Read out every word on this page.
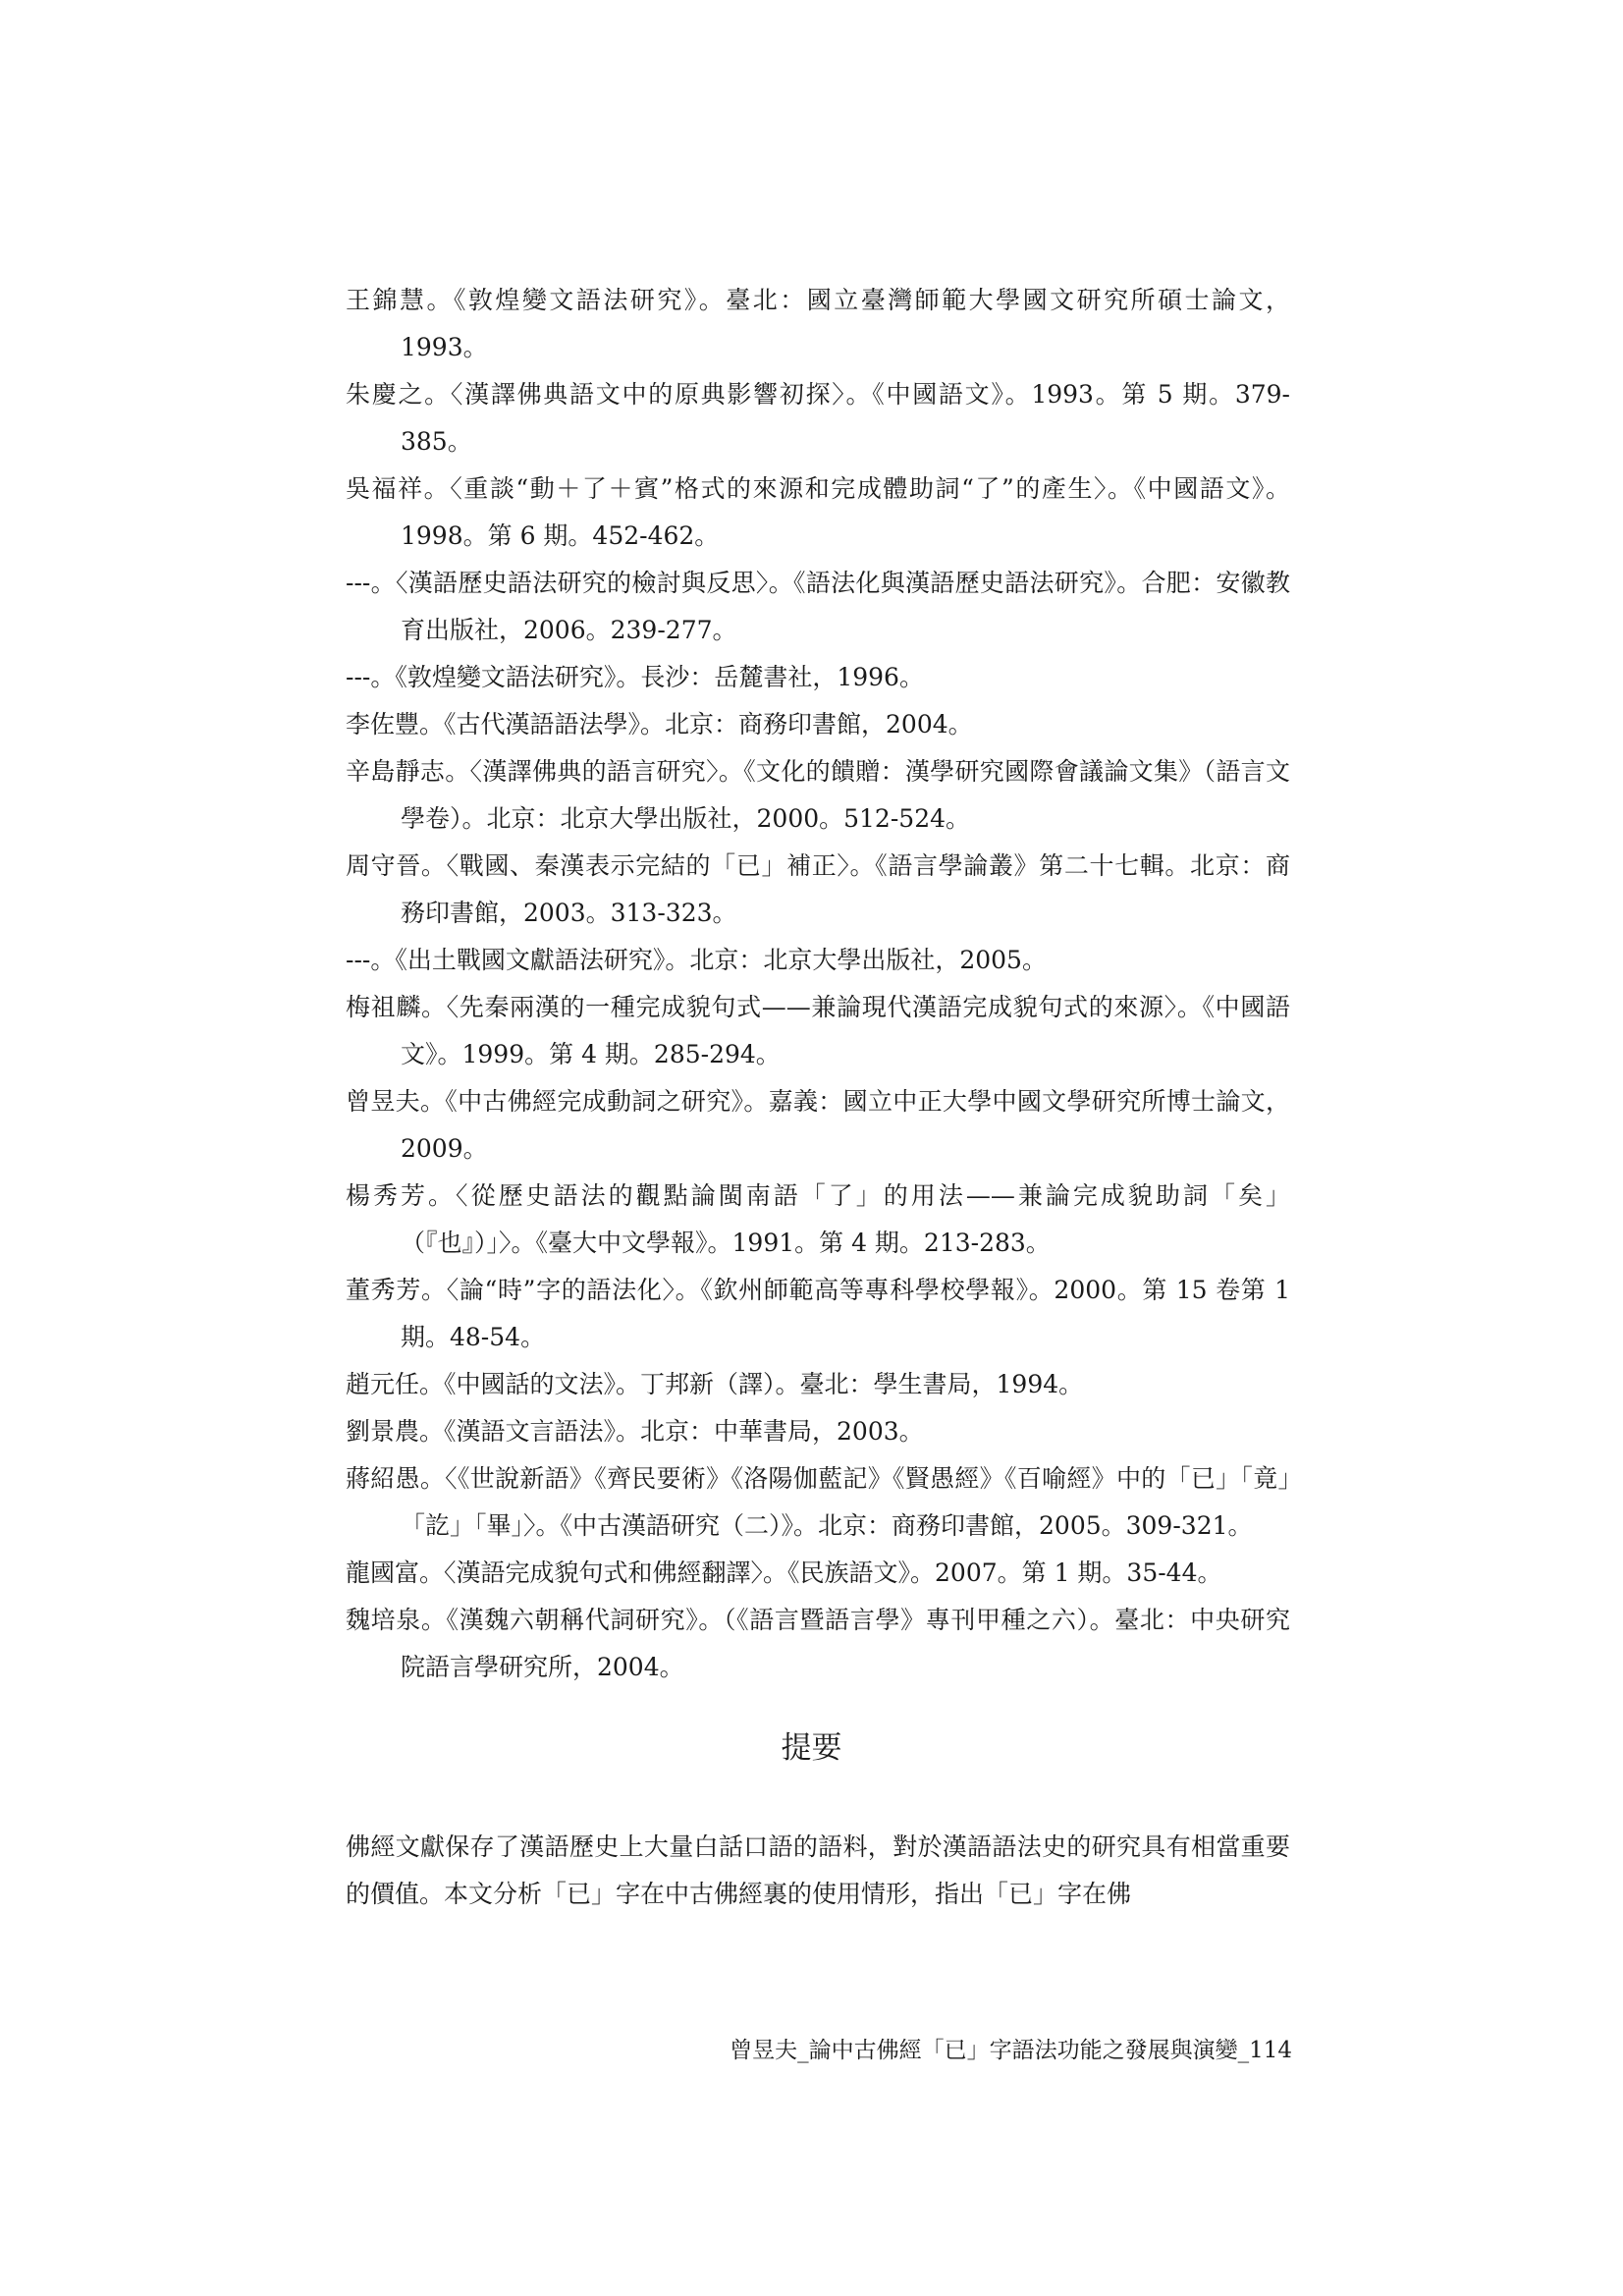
王錦慧。《敦煌變文語法研究》。臺北：國立臺灣師範大學國文研究所碩士論文，1993。
朱慶之。〈漢譯佛典語文中的原典影響初探〉。《中國語文》。1993。第 5 期。379-385。
吳福祥。〈重談“動＋了＋賓”格式的來源和完成體助詞“了”的產生〉。《中國語文》。1998。第 6 期。452-462。
---。〈漢語歷史語法研究的檢討與反思〉。《語法化與漢語歷史語法研究》。合肥：安徽教育出版社，2006。239-277。
---。《敦煌變文語法研究》。長沙：岳麓書社，1996。
李佐豐。《古代漢語語法學》。北京：商務印書館，2004。
辛島靜志。〈漢譯佛典的語言研究〉。《文化的饋贈：漢學研究國際會議論文集》（語言文學卷）。北京：北京大學出版社，2000。512-524。
周守晉。〈戰國、秦漢表示完結的「已」補正〉。《語言學論叢》第二十七輯。北京：商務印書館，2003。313-323。
---。《出土戰國文獻語法研究》。北京：北京大學出版社，2005。
梅祖麟。〈先秦兩漢的一種完成貌句式——兼論現代漢語完成貌句式的來源〉。《中國語文》。1999。第 4 期。285-294。
曾昱夫。《中古佛經完成動詞之研究》。嘉義：國立中正大學中國文學研究所博士論文，2009。
楊秀芳。〈從歷史語法的觀點論閩南語「了」的用法——兼論完成貌助詞「矣」（『也』）」〉。《臺大中文學報》。1991。第 4 期。213-283。
董秀芳。〈論“時”字的語法化〉。《欽州師範高等專科學校學報》。2000。第 15 卷第 1 期。48-54。
趙元任。《中國話的文法》。丁邦新（譯）。臺北：學生書局，1994。
劉景農。《漢語文言語法》。北京：中華書局，2003。
蔣紹愚。〈《世說新語》《齊民要術》《洛陽伽藍記》《賢愚經》《百喻經》中的「已」「竟」「訖」「畢」〉。《中古漢語研究（二）》。北京：商務印書館，2005。309-321。
龍國富。〈漢語完成貌句式和佛經翻譯〉。《民族語文》。2007。第 1 期。35-44。
魏培泉。《漢魏六朝稱代詞研究》。（《語言暨語言學》專刊甲種之六）。臺北：中央研究院語言學研究所，2004。
提要
佛經文獻保存了漢語歷史上大量白話口語的語料，對於漢語語法史的研究具有相當重要的價值。本文分析「已」字在中古佛經裏的使用情形，指出「已」字在佛
曾昱夫_論中古佛經「已」字語法功能之發展與演變_114
